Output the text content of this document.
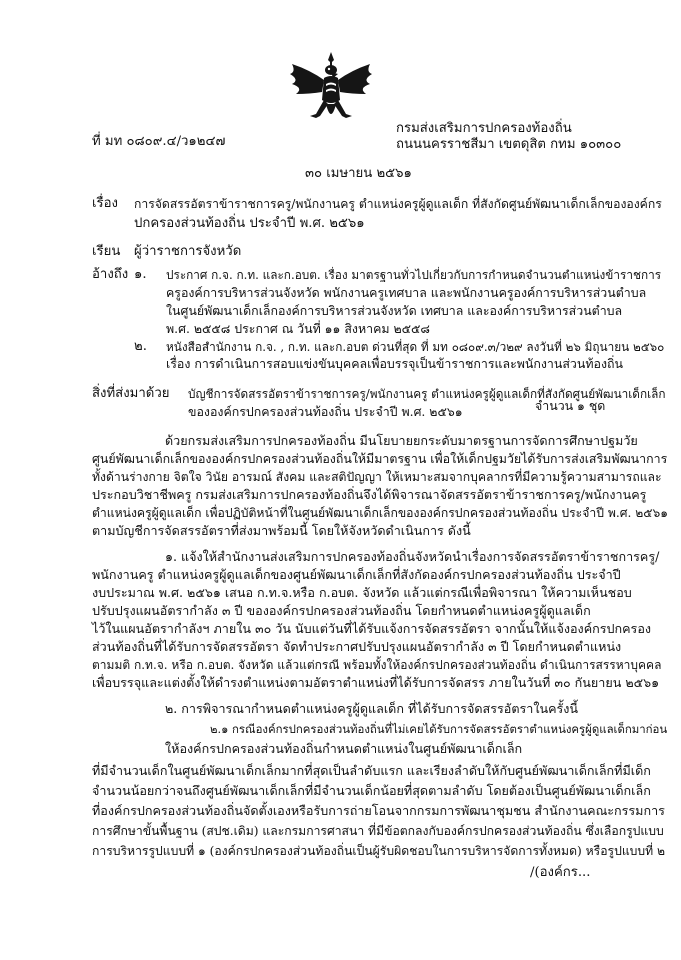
ที่ มท ๐๘๐๙.๔/ว๑๒๔๗
กรมส่งเสริมการปกครองท้องถิ่น
ถนนนครราชสีมา เขตดุสิต กทม ๑๐๓๐๐
๓๐ เมษายน ๒๕๖๑
เรื่อง การจัดสรรอัตราข้าราชการครู/พนักงานครู ตำแหน่งครูผู้ดูแลเด็ก ที่สังกัดศูนย์พัฒนาเด็กเล็กขององค์กร
ปกครองส่วนท้องถิ่น ประจำปี พ.ศ. ๒๕๖๑
เรียน ผู้ว่าราชการจังหวัด
อ้างถึง ๑. ประกาศ ก.จ. ก.ท. และก.อบต. เรื่อง มาตรฐานทั่วไปเกี่ยวกับการกำหนดจำนวนตำแหน่งข้าราชการ
ครูองค์การบริหารส่วนจังหวัด พนักงานครูเทศบาล และพนักงานครูองค์การบริหารส่วนตำบล
ในศูนย์พัฒนาเด็กเล็กองค์การบริหารส่วนจังหวัด เทศบาล และองค์การบริหารส่วนตำบล
พ.ศ. ๒๕๕๘ ประกาศ ณ วันที่ ๑๑ สิงหาคม ๒๕๕๘
๒. หนังสือสำนักงาน ก.จ. , ก.ท. และก.อบต ด่วนที่สุด ที่ มท ๐๘๐๙.๓/ว๒๙ ลงวันที่ ๒๖ มิถุนายน ๒๕๖๐
เรื่อง การดำเนินการสอบแข่งขันบุคคลเพื่อบรรจุเป็นข้าราชการและพนักงานส่วนท้องถิ่น
สิ่งที่ส่งมาด้วย บัญชีการจัดสรรอัตราข้าราชการครู/พนักงานครู ตำแหน่งครูผู้ดูแลเด็กที่สังกัดศูนย์พัฒนาเด็กเล็ก
ขององค์กรปกครองส่วนท้องถิ่น ประจำปี พ.ศ. ๒๕๖๑	จำนวน ๑ ชุด
ด้วยกรมส่งเสริมการปกครองท้องถิ่น มีนโยบายยกระดับมาตรฐานการจัดการศึกษาปฐมวัย
ศูนย์พัฒนาเด็กเล็กขององค์กรปกครองส่วนท้องถิ่นให้มีมาตรฐาน เพื่อให้เด็กปฐมวัยได้รับการส่งเสริมพัฒนาการ
ทั้งด้านร่างกาย จิตใจ วินัย อารมณ์ สังคม และสติปัญญา ให้เหมาะสมจากบุคลากรที่มีความรู้ความสามารถและ
ประกอบวิชาชีพครู กรมส่งเสริมการปกครองท้องถิ่นจึงได้พิจารณาจัดสรรอัตราข้าราชการครู/พนักงานครู
ตำแหน่งครูผู้ดูแลเด็ก เพื่อปฏิบัติหน้าที่ในศูนย์พัฒนาเด็กเล็กขององค์กรปกครองส่วนท้องถิ่น ประจำปี พ.ศ. ๒๕๖๑
ตามบัญชีการจัดสรรอัตราที่ส่งมาพร้อมนี้ โดยให้จังหวัดดำเนินการ ดังนี้
๑. แจ้งให้สำนักงานส่งเสริมการปกครองท้องถิ่นจังหวัดนำเรื่องการจัดสรรอัตราข้าราชการครู/
พนักงานครู ตำแหน่งครูผู้ดูแลเด็กของศูนย์พัฒนาเด็กเล็กที่สังกัดองค์กรปกครองส่วนท้องถิ่น ประจำปี
งบประมาณ พ.ศ. ๒๕๖๑ เสนอ ก.ท.จ.หรือ ก.อบต. จังหวัด แล้วแต่กรณีเพื่อพิจารณา ให้ความเห็นชอบ
ปรับปรุงแผนอัตรากำลัง ๓ ปี ขององค์กรปกครองส่วนท้องถิ่น โดยกำหนดตำแหน่งครูผู้ดูแลเด็ก
ไว้ในแผนอัตรากำลังฯ ภายใน ๓๐ วัน นับแต่วันที่ได้รับแจ้งการจัดสรรอัตรา จากนั้นให้แจ้งองค์กรปกครอง
ส่วนท้องถิ่นที่ได้รับการจัดสรรอัตรา จัดทำประกาศปรับปรุงแผนอัตรากำลัง ๓ ปี โดยกำหนดตำแหน่ง
ตามมติ ก.ท.จ. หรือ ก.อบต. จังหวัด แล้วแต่กรณี พร้อมทั้งให้องค์กรปกครองส่วนท้องถิ่น ดำเนินการสรรหาบุคคล
เพื่อบรรจุและแต่งตั้งให้ดำรงตำแหน่งตามอัตราตำแหน่งที่ได้รับการจัดสรร ภายในวันที่ ๓๐ กันยายน ๒๕๖๑
๒. การพิจารณากำหนดตำแหน่งครูผู้ดูแลเด็ก ที่ได้รับการจัดสรรอัตราในครั้งนี้
๒.๑ กรณีองค์กรปกครองส่วนท้องถิ่นที่ไม่เคยได้รับการจัดสรรอัตราตำแหน่งครูผู้ดูแลเด็กมาก่อน
ให้องค์กรปกครองส่วนท้องถิ่นกำหนดตำแหน่งในศูนย์พัฒนาเด็กเล็ก
ที่มีจำนวนเด็กในศูนย์พัฒนาเด็กเล็กมากที่สุดเป็นลำดับแรก และเรียงลำดับให้กับศูนย์พัฒนาเด็กเล็กที่มีเด็ก
จำนวนน้อยกว่าจนถึงศูนย์พัฒนาเด็กเล็กที่มีจำนวนเด็กน้อยที่สุดตามลำดับ โดยต้องเป็นศูนย์พัฒนาเด็กเล็ก
ที่องค์กรปกครองส่วนท้องถิ่นจัดตั้งเองหรือรับการถ่ายโอนจากกรมการพัฒนาชุมชน สำนักงานคณะกรรมการ
การศึกษาขั้นพื้นฐาน (สปช.เดิม) และกรมการศาสนา ที่มีข้อตกลงกับองค์กรปกครองส่วนท้องถิ่น ซึ่งเลือกรูปแบบ
การบริหารรูปแบบที่ ๑ (องค์กรปกครองส่วนท้องถิ่นเป็นผู้รับผิดชอบในการบริหารจัดการทั้งหมด) หรือรูปแบบที่ ๒
/(องค์กร...
